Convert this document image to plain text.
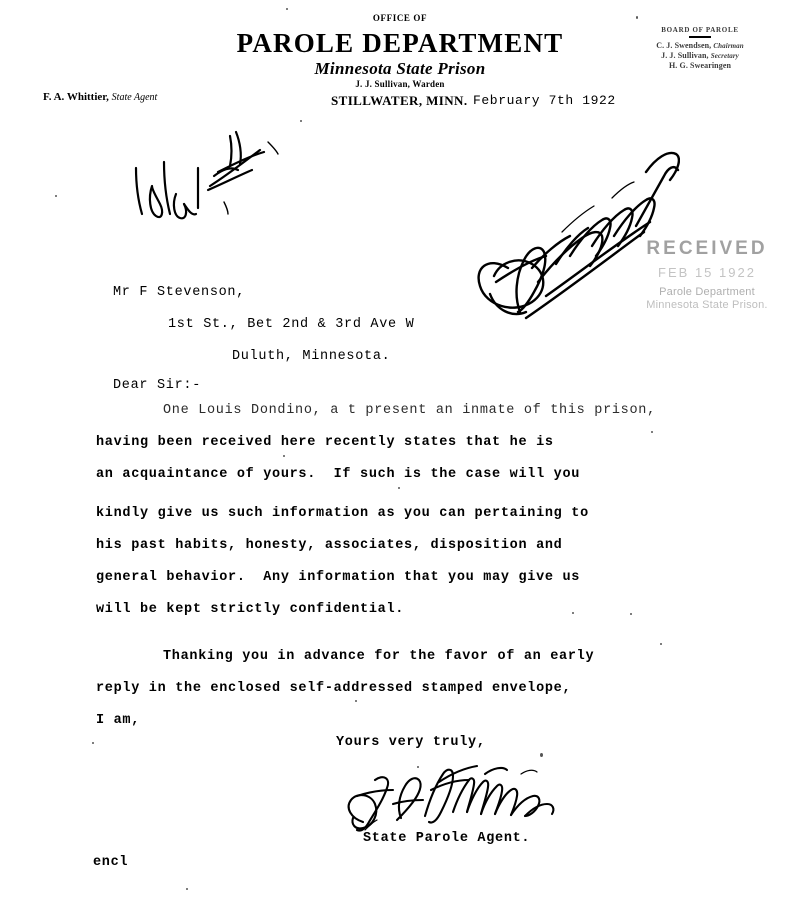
OFFICE OF
PAROLE DEPARTMENT
Minnesota State Prison
J. J. Sullivan, Warden
STILLWATER, MINN. February 7th 1922
F. A. Whittier, State Agent
BOARD OF PAROLE
C. J. Swendsen, Chairman
J. J. Sullivan, Secretary
H. G. Swearingen
RECEIVED
FEB 15 1922
Parole Department
Minnesota State Prison.
Mr F Stevenson,
1st St., Bet 2nd & 3rd Ave W
Duluth, Minnesota.
Dear Sir:-
One Louis Dondino, a t present an inmate of this prison,
having been received here recently states that he is
an acquaintance of yours.  If such is the case will you
kindly give us such information as you can pertaining to
his past habits, honesty, associates, disposition and
general behavior.  Any information that you may give us
will be kept strictly confidential.
Thanking you in advance for the favor of an early
reply in the enclosed self-addressed stamped envelope,
I am,
Yours very truly,
State Parole Agent.
encl
